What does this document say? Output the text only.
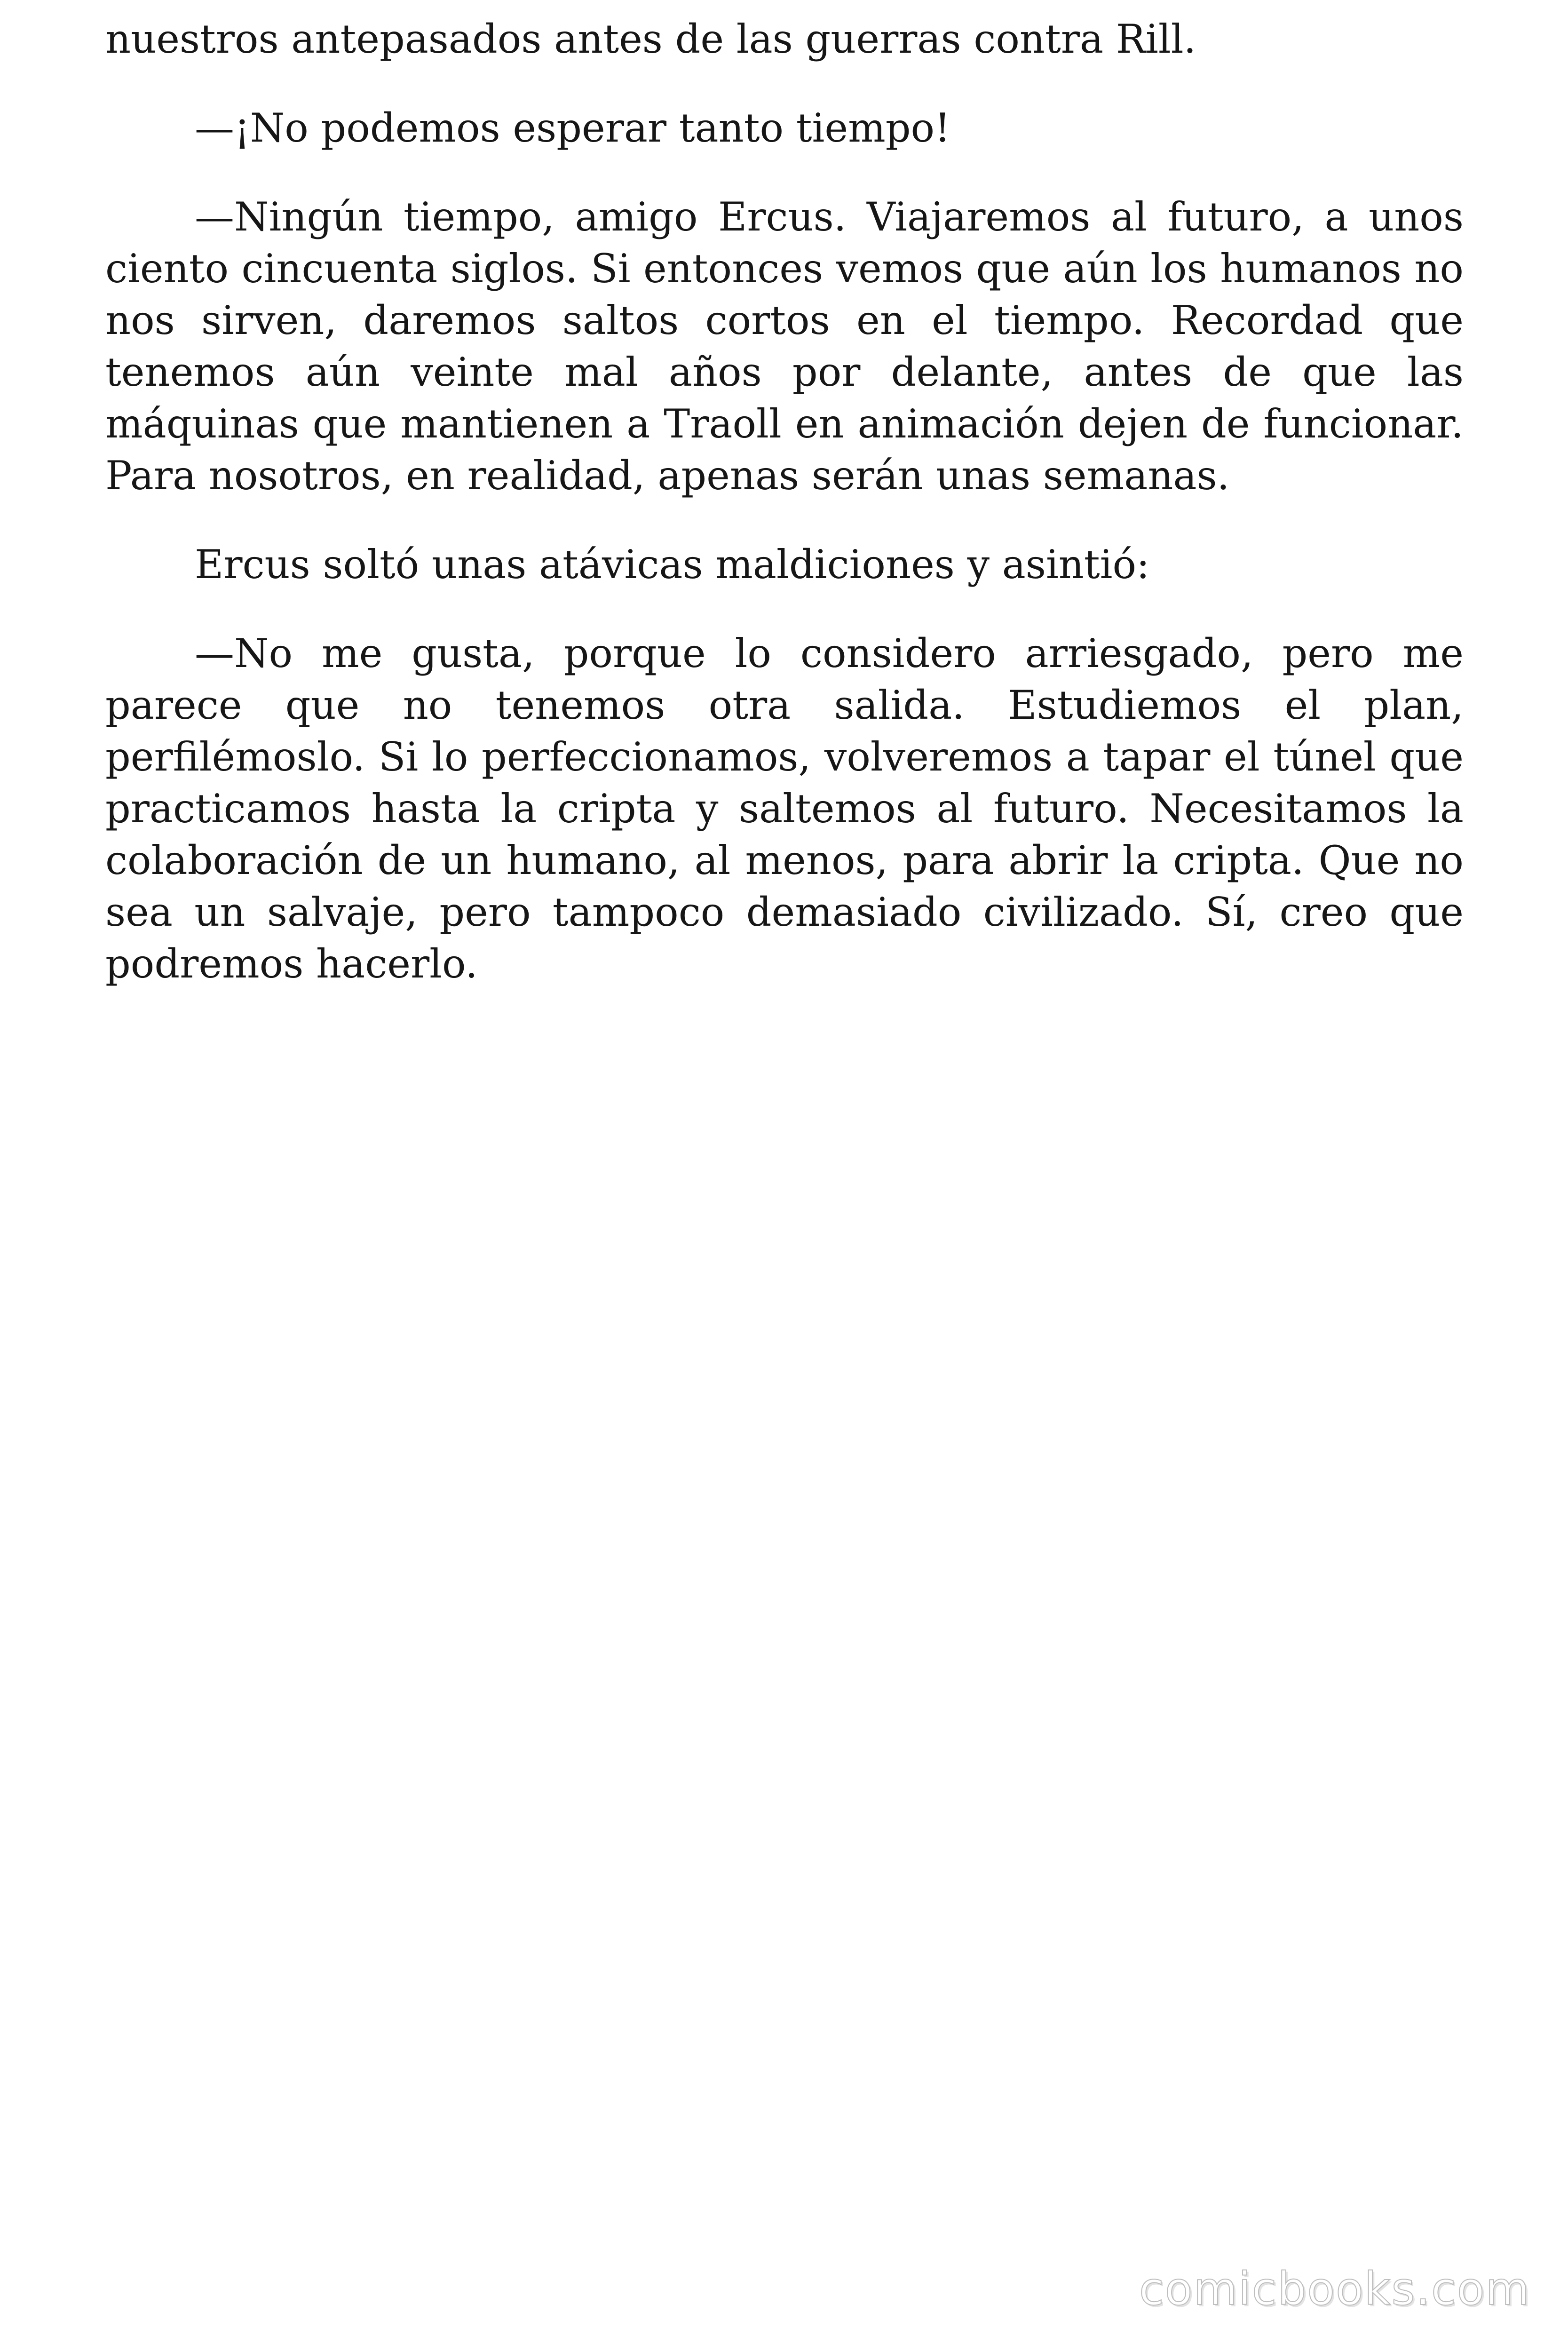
nuestros antepasados antes de las guerras contra Rill.

—¡No podemos esperar tanto tiempo!

—Ningún tiempo, amigo Ercus. Viajaremos al futuro, a unos ciento cincuenta siglos. Si entonces vemos que aún los humanos no nos sirven, daremos saltos cortos en el tiempo. Recordad que tenemos aún veinte mal años por delante, antes de que las máquinas que mantienen a Traoll en animación dejen de funcionar. Para nosotros, en realidad, apenas serán unas semanas.

Ercus soltó unas atávicas maldiciones y asintió:

—No me gusta, porque lo considero arriesgado, pero me parece que no tenemos otra salida. Estudiemos el plan, perfilémoslo. Si lo perfeccionamos, volveremos a tapar el túnel que practicamos hasta la cripta y saltemos al futuro. Necesitamos la colaboración de un humano, al menos, para abrir la cripta. Que no sea un salvaje, pero tampoco demasiado civilizado. Sí, creo que podremos hacerlo.

comicbooks.com
